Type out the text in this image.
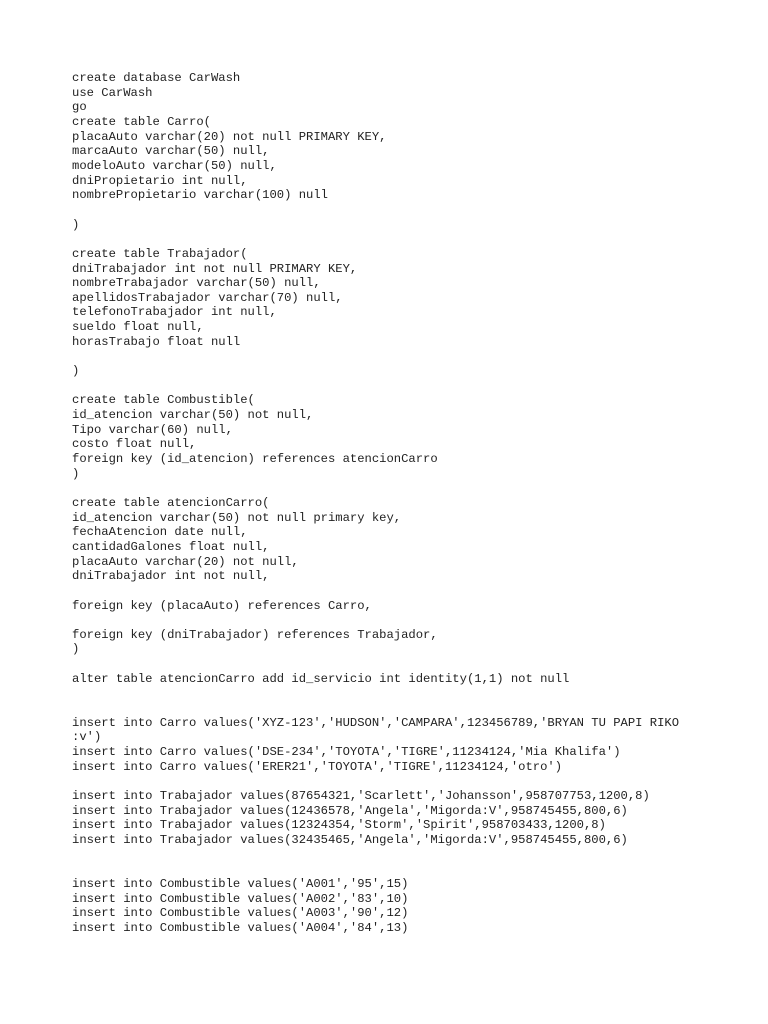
create database CarWash
use CarWash
go
create table Carro(
placaAuto varchar(20) not null PRIMARY KEY,
marcaAuto varchar(50) null,
modeloAuto varchar(50) null,
dniPropietario int null,
nombrePropietario varchar(100) null
)
create table Trabajador(
dniTrabajador int not null PRIMARY KEY,
nombreTrabajador varchar(50) null,
apellidosTrabajador varchar(70) null,
telefonoTrabajador int null,
sueldo float null,
horasTrabajo float null
)
create table Combustible(
id_atencion varchar(50) not null,
Tipo varchar(60) null,
costo float null,
foreign key (id_atencion) references atencionCarro
)
create table atencionCarro(
id_atencion varchar(50) not null primary key,
fechaAtencion date null,
cantidadGalones float null,
placaAuto varchar(20) not null,
dniTrabajador int not null,
foreign key (placaAuto) references Carro,
foreign key (dniTrabajador) references Trabajador,
)
alter table atencionCarro add id_servicio int identity(1,1) not null
insert into Carro values('XYZ-123','HUDSON','CAMPARA',123456789,'BRYAN TU PAPI RIKO
:v')
insert into Carro values('DSE-234','TOYOTA','TIGRE',11234124,'Mia Khalifa')
insert into Carro values('ERER21','TOYOTA','TIGRE',11234124,'otro')
insert into Trabajador values(87654321,'Scarlett','Johansson',958707753,1200,8)
insert into Trabajador values(12436578,'Angela','Migorda:V',958745455,800,6)
insert into Trabajador values(12324354,'Storm','Spirit',958703433,1200,8)
insert into Trabajador values(32435465,'Angela','Migorda:V',958745455,800,6)
insert into Combustible values('A001','95',15)
insert into Combustible values('A002','83',10)
insert into Combustible values('A003','90',12)
insert into Combustible values('A004','84',13)
